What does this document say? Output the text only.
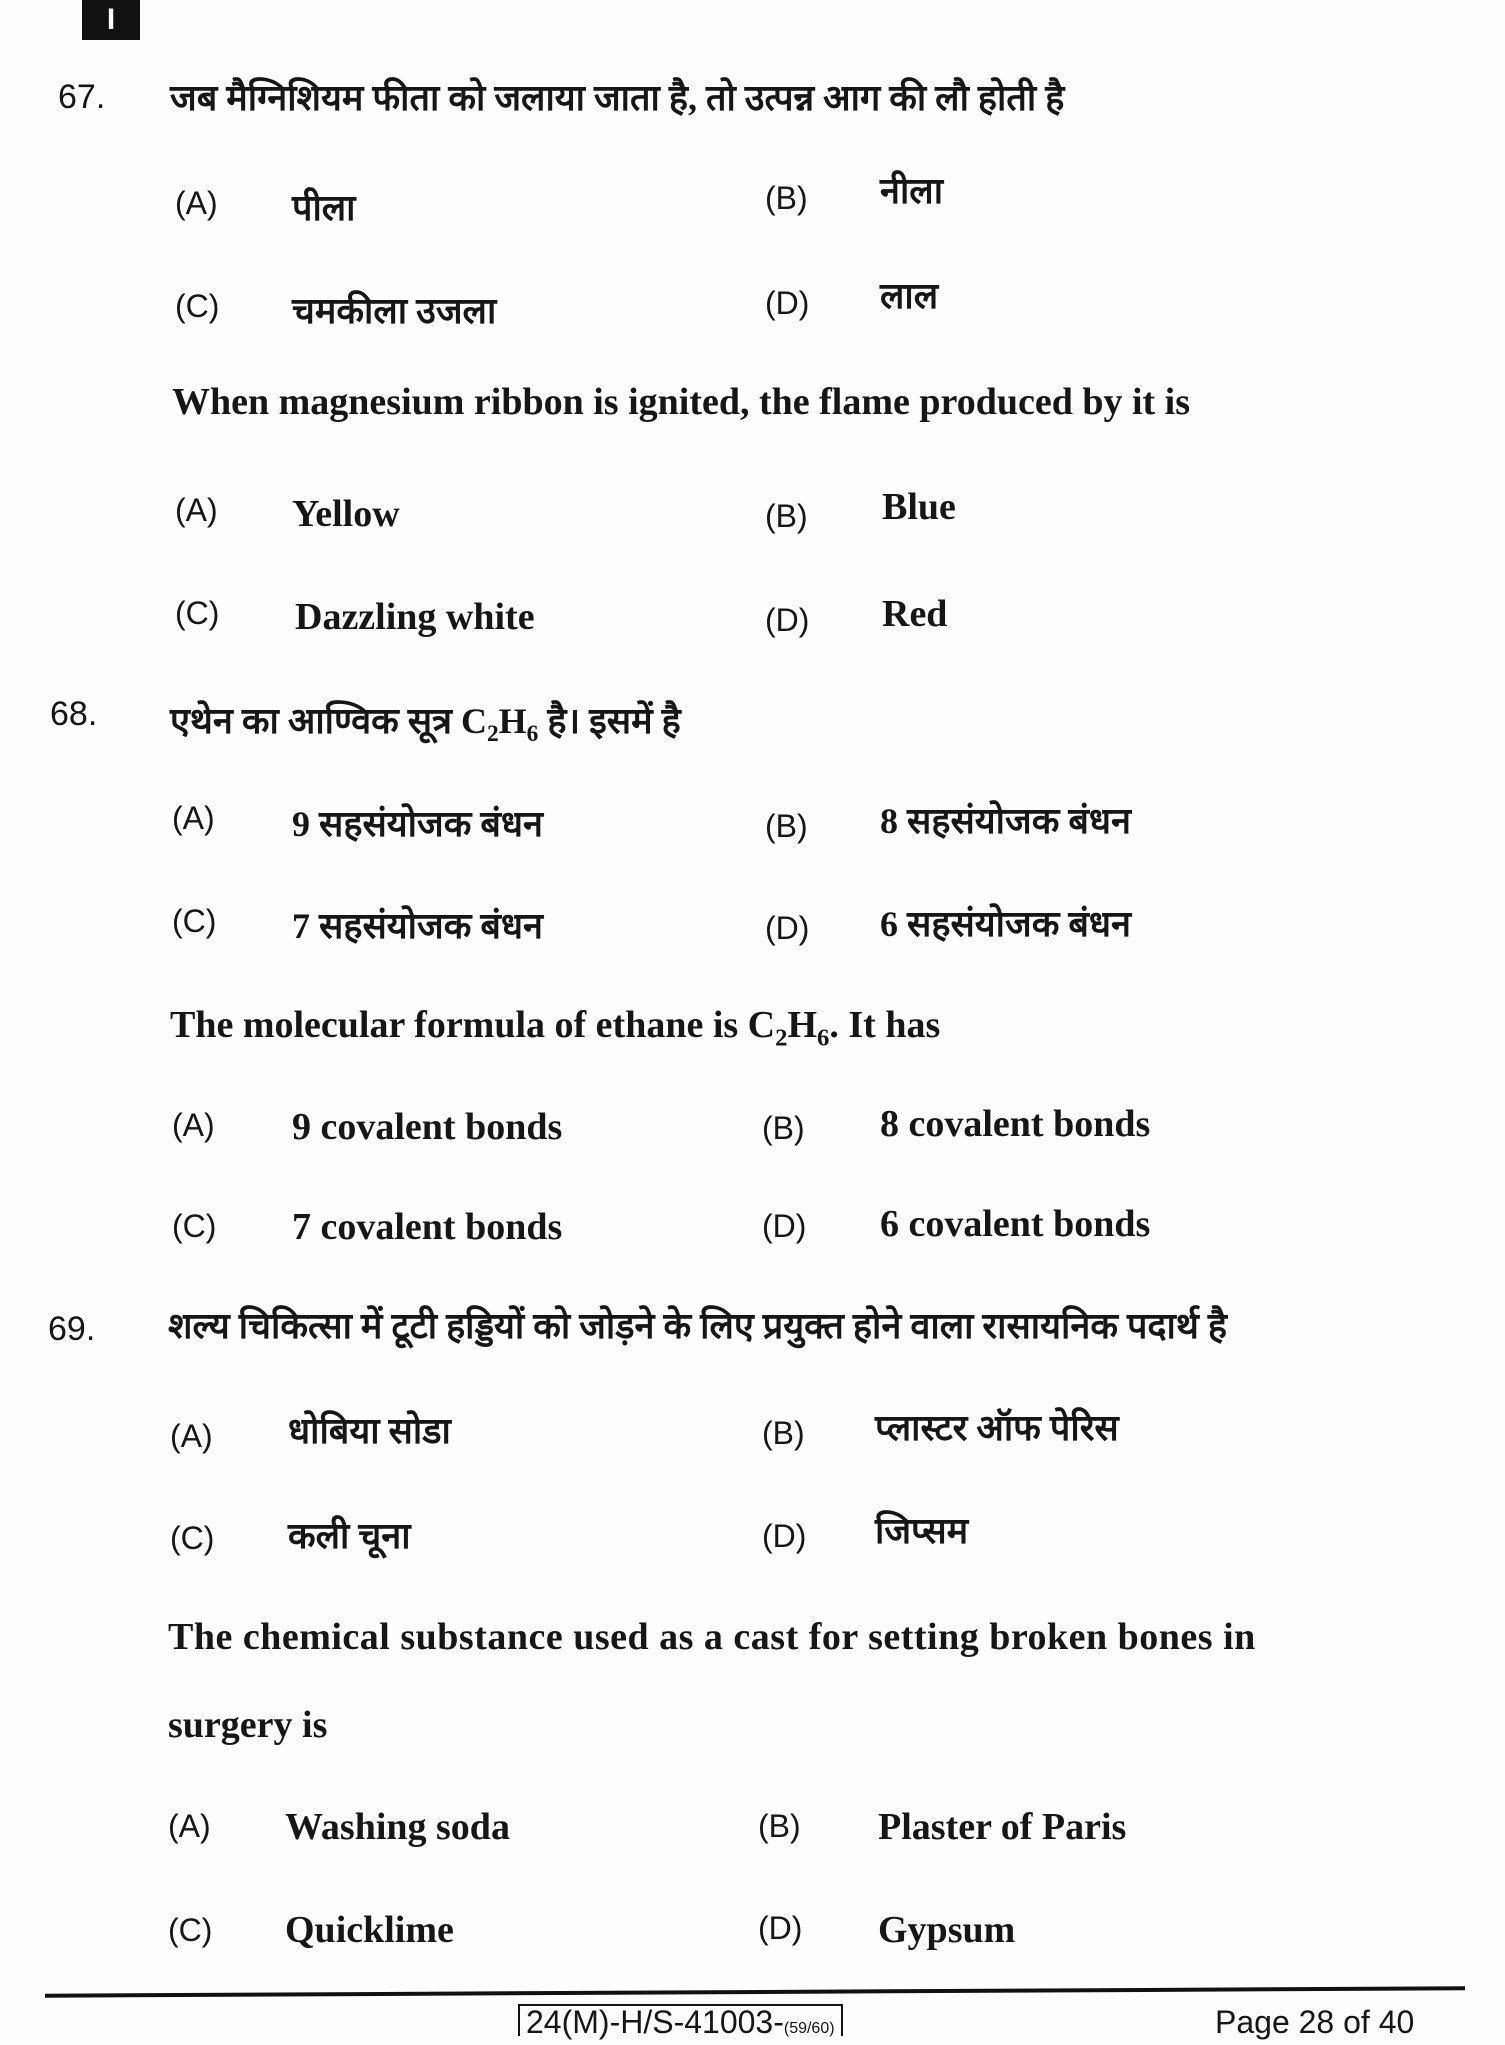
I
67. जब मैग्निशियम फीता को जलाया जाता है, तो उत्पन्न आग की लौ होती है
(A) पीला	(B) नीला
(C) चमकीला उजला	(D) लाल
When magnesium ribbon is ignited, the flame produced by it is
(A) Yellow	(B) Blue
(C) Dazzling white	(D) Red
68. एथेन का आण्विक सूत्र $C_2H_6$ है। इसमें है
(A) 9 सहसंयोजक बंधन	(B) 8 सहसंयोजक बंधन
(C) 7 सहसंयोजक बंधन	(D) 6 सहसंयोजक बंधन
The molecular formula of ethane is $C_2H_6$. It has
(A) 9 covalent bonds	(B) 8 covalent bonds
(C) 7 covalent bonds	(D) 6 covalent bonds
69. शल्य चिकित्सा में टूटी हड्डियों को जोड़ने के लिए प्रयुक्त होने वाला रासायनिक पदार्थ है
(A) धोबिया सोडा	(B) प्लास्टर ऑफ पेरिस
(C) कली चूना	(D) जिप्सम
The chemical substance used as a cast for setting broken bones in
surgery is
(A) Washing soda	(B) Plaster of Paris
(C) Quicklime	(D) Gypsum
24(M)-H/S-41003-(59/60)	Page 28 of 40
